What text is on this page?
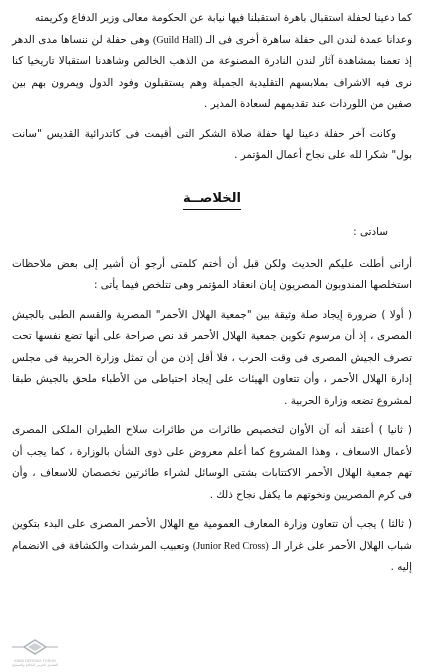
كما دعينا لحفلة استقبال باهرة استقبلنا فيها نيابة عن الحكومة معالى وزير الدفاع وكريمته

وعدانا عمدة لندن الى حفلة ساهرة أخرى فى الـ (Guild Hall) وهى حفلة لن ننساها مدى الدهر إذ تعمنا بمشاهدة آثار لندن النادرة المصنوعة من الذهب الخالص وشاهدنا استقبالا تاريخيا كنا نرى فيه الاشراف بملابسهم التقليدية الجميلة وهم يستقبلون وفود الدول ويمرون بهم بين صفين من اللوردات عند تقديمهم لسعادة المدير .

وكانت آخر حفلة دعينا لها حفلة صلاة الشكر التى أقيمت فى كاتدرائية القديس "سانت بول" شكرا لله على نجاح أعمال المؤتمر .

الخلاصــة

سادتى :

أرانى أطلت عليكم الحديث ولكن قبل أن أختم كلمتى أرجو أن أشير إلى بعض ملاحظات استخلصها المندوبون المصريون إبان انعقاد المؤتمر وهى تتلخص فيما يأتى :

( أولا ) ضرورة إيجاد صلة وثيقة بين "جمعية الهلال الأحمر" المصرية والقسم الطبى بالجيش المصرى ، إذ أن مرسوم تكوين جمعية الهلال الأحمر قد نص صراحة على أنها تضع نفسها تحت تصرف الجيش المصرى فى وقت الحرب ، فلا أقل إذن من أن تمثل وزارة الحربية فى مجلس إدارة الهلال الأحمر ، وأن تتعاون الهيئات على إيجاد احتياطى من الأطباء ملحق بالجيش طبقا لمشروع تضعه وزارة الحربية .

( ثانيا ) أعتقد أنه آن الأوان لتخصيص طائرات من طائرات سلاح الطيران الملكى المصرى لأعمال الاسعاف ، وهذا المشروع كما أعلم معروض على ذوى الشأن بالوزارة ، كما يجب أن تهم جمعية الهلال الأحمر الاكتتابات بشتى الوسائل لشراء طائرتين تخصصان للاسعاف ، وأن فى كرم المصريين ونخوتهم ما يكفل نجاح ذلك .

( ثالثا ) يجب أن تتعاون وزارة المعارف العمومية مع الهلال الأحمر المصرى على البدء بتكوين شباب الهلال الأحمر على غرار الـ (Junior Red Cross) وتعبيب المرشدات والكشافة فى الانضمام إليه .

ARAB DEFENSE FORUM
المنتدى العربي للدفاع والتسليح
